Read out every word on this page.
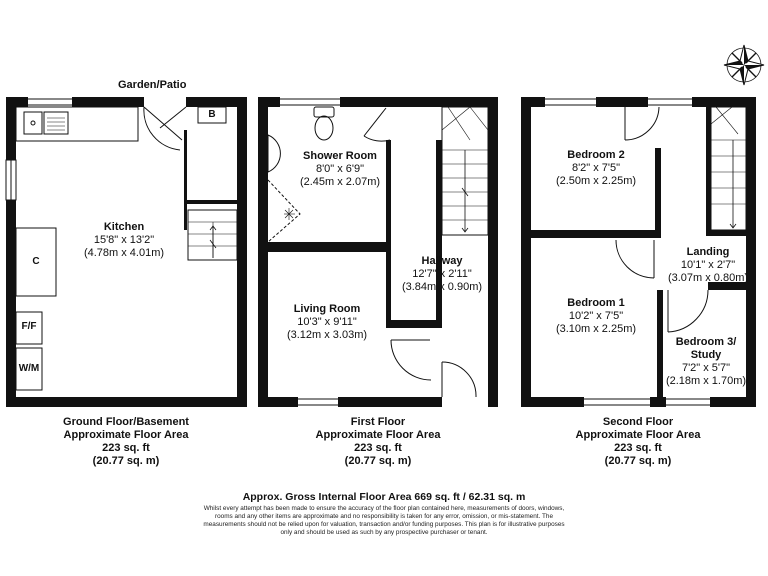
Garden/Patio
B
C
F/F
W/M
Kitchen
15'8" x 13'2"
(4.78m x 4.01m)
Shower Room
8'0" x 6'9"
(2.45m x 2.07m)
Hallway
12'7" x 2'11"
(3.84m x 0.90m)
Living Room
10'3" x 9'11"
(3.12m x 3.03m)
Bedroom 2
8'2" x 7'5"
(2.50m x 2.25m)
Landing
10'1" x 2'7"
(3.07m x 0.80m)
Bedroom 1
10'2" x 7'5"
(3.10m x 2.25m)
Bedroom 3/
Study
7'2" x 5'7"
(2.18m x 1.70m)
Ground Floor/Basement
Approximate Floor Area
223 sq. ft
(20.77 sq. m)
First Floor
Approximate Floor Area
223 sq. ft
(20.77 sq. m)
Second Floor
Approximate Floor Area
223 sq. ft
(20.77 sq. m)
Approx. Gross Internal Floor Area 669 sq. ft / 62.31 sq. m
Whilst every attempt has been made to ensure the accuracy of the floor plan contained here, measurements of doors, windows,
rooms and any other items are approximate and no responsibility is taken for any error, omission, or mis-statement. The
measurements should not be relied upon for valuation, transaction and/or funding purposes. This plan is for illustrative purposes
only and should be used as such by any prospective purchaser or tenant.
